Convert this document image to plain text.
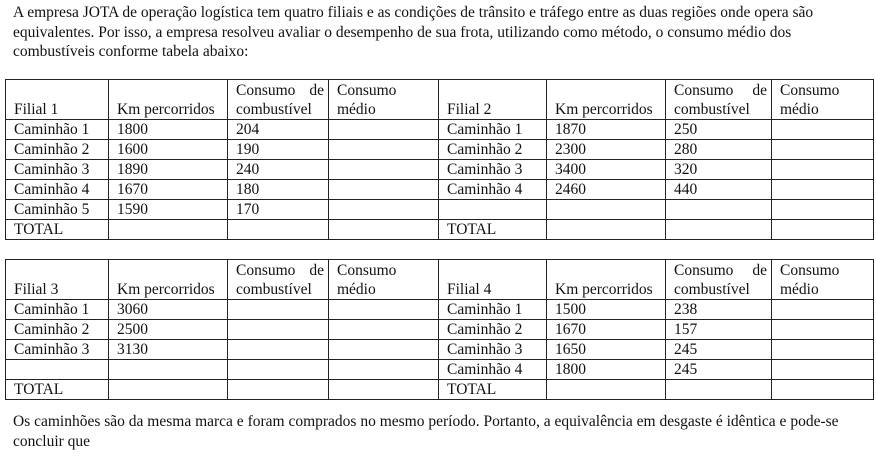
A empresa JOTA de operação logística tem quatro filiais e as condições de trânsito e tráfego entre as duas regiões onde opera são equivalentes. Por isso, a empresa resolveu avaliar o desempenho de sua frota, utilizando como método, o consumo médio dos combustíveis conforme tabela abaixo:
Filial 1	Km percorridos	Consumo de combustível	Consumo médio	Filial 2	Km percorridos	Consumo de combustível	Consumo médio
Caminhão 1	1800	204		Caminhão 1	1870	250	
Caminhão 2	1600	190		Caminhão 2	2300	280	
Caminhão 3	1890	240		Caminhão 3	3400	320	
Caminhão 4	1670	180		Caminhão 4	2460	440	
Caminhão 5	1590	170					
TOTAL				TOTAL			
Filial 3	Km percorridos	Consumo de combustível	Consumo médio	Filial 4	Km percorridos	Consumo de combustível	Consumo médio
Caminhão 1	3060			Caminhão 1	1500	238	
Caminhão 2	2500			Caminhão 2	1670	157	
Caminhão 3	3130			Caminhão 3	1650	245	
				Caminhão 4	1800	245	
TOTAL				TOTAL			
Os caminhões são da mesma marca e foram comprados no mesmo período. Portanto, a equivalência em desgaste é idêntica e pode-se concluir que
